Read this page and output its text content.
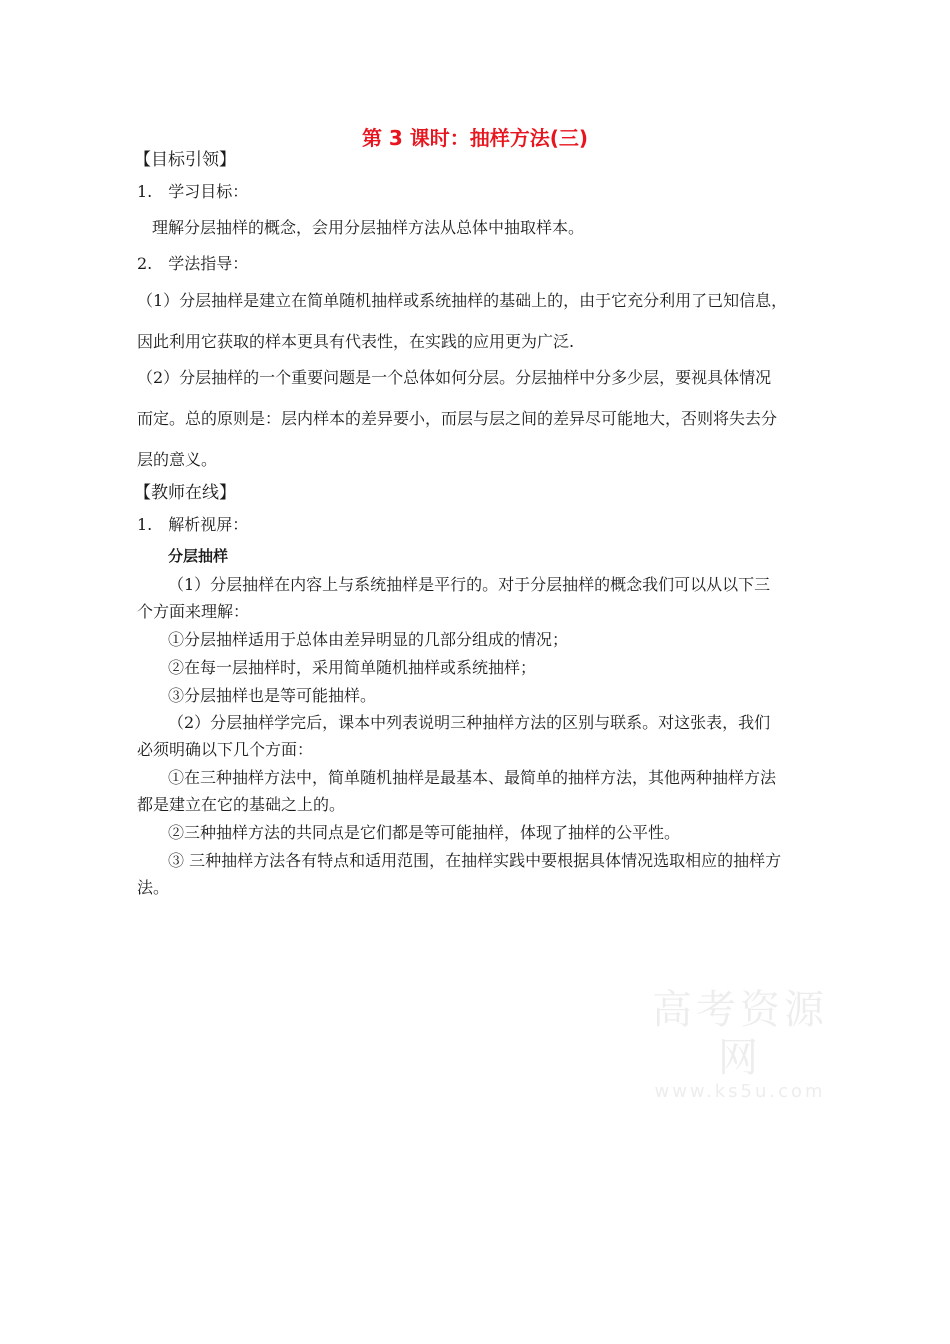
第 3 课时：抽样方法(三)
【目标引领】
1.　学习目标：
理解分层抽样的概念，会用分层抽样方法从总体中抽取样本。
2.　学法指导：
（1）分层抽样是建立在简单随机抽样或系统抽样的基础上的，由于它充分利用了已知信息，
因此利用它获取的样本更具有代表性，在实践的应用更为广泛.
（2）分层抽样的一个重要问题是一个总体如何分层。分层抽样中分多少层，要视具体情况
而定。总的原则是：层内样本的差异要小，而层与层之间的差异尽可能地大，否则将失去分
层的意义。
【教师在线】
1.　解析视屏：
分层抽样
（1）分层抽样在内容上与系统抽样是平行的。对于分层抽样的概念我们可以从以下三
个方面来理解：
①分层抽样适用于总体由差异明显的几部分组成的情况；
②在每一层抽样时，采用简单随机抽样或系统抽样；
③分层抽样也是等可能抽样。
（2）分层抽样学完后，课本中列表说明三种抽样方法的区别与联系。对这张表，我们
必须明确以下几个方面：
①在三种抽样方法中，简单随机抽样是最基本、最简单的抽样方法，其他两种抽样方法
都是建立在它的基础之上的。
②三种抽样方法的共同点是它们都是等可能抽样，体现了抽样的公平性。
③ 三种抽样方法各有特点和适用范围，在抽样实践中要根据具体情况选取相应的抽样方
法。
高考资源网
www.ks5u.com
